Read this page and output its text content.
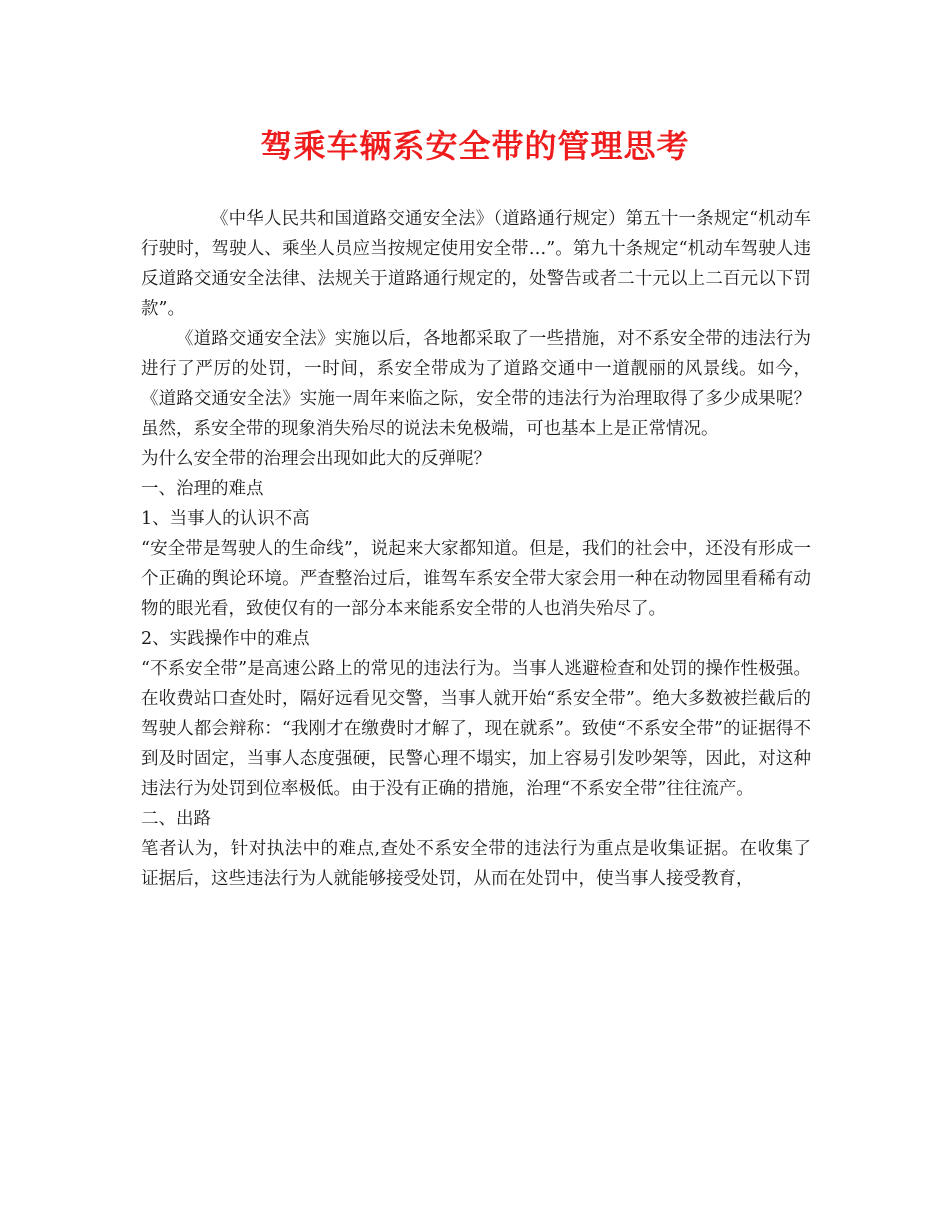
驾乘车辆系安全带的管理思考

《中华人民共和国道路交通安全法》（道路通行规定）第五十一条规定“机动车行驶时，驾驶人、乘坐人员应当按规定使用安全带…”。第九十条规定“机动车驾驶人违反道路交通安全法律、法规关于道路通行规定的，处警告或者二十元以上二百元以下罚款”。

《道路交通安全法》实施以后，各地都采取了一些措施，对不系安全带的违法行为进行了严厉的处罚，一时间，系安全带成为了道路交通中一道靓丽的风景线。如今，《道路交通安全法》实施一周年来临之际，安全带的违法行为治理取得了多少成果呢？虽然，系安全带的现象消失殆尽的说法未免极端，可也基本上是正常情况。

为什么安全带的治理会出现如此大的反弹呢？

一、治理的难点

1、当事人的认识不高

“安全带是驾驶人的生命线”，说起来大家都知道。但是，我们的社会中，还没有形成一个正确的舆论环境。严查整治过后，谁驾车系安全带大家会用一种在动物园里看稀有动物的眼光看，致使仅有的一部分本来能系安全带的人也消失殆尽了。

2、实践操作中的难点

“不系安全带”是高速公路上的常见的违法行为。当事人逃避检查和处罚的操作性极强。在收费站口查处时，隔好远看见交警，当事人就开始“系安全带”。绝大多数被拦截后的驾驶人都会辩称：“我刚才在缴费时才解了，现在就系”。致使“不系安全带”的证据得不到及时固定，当事人态度强硬，民警心理不塌实，加上容易引发吵架等，因此，对这种违法行为处罚到位率极低。由于没有正确的措施，治理“不系安全带”往往流产。

二、出路

笔者认为，针对执法中的难点,查处不系安全带的违法行为重点是收集证据。在收集了证据后，这些违法行为人就能够接受处罚，从而在处罚中，使当事人接受教育，
